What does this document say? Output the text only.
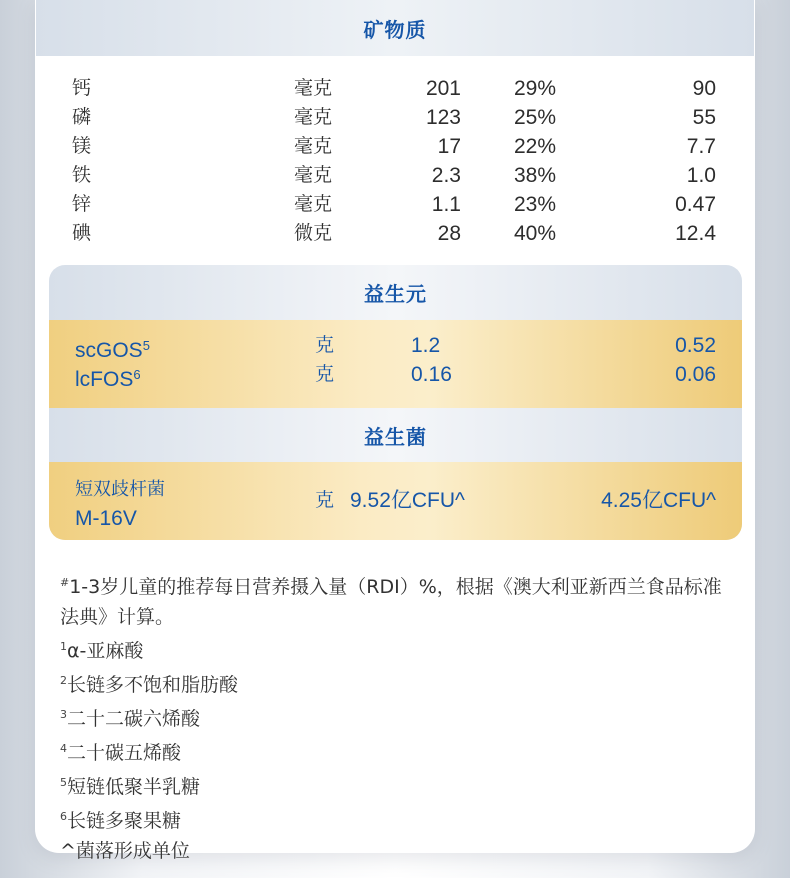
矿物质
钙	毫克	201	29%	90
磷	毫克	123	25%	55
镁	毫克	17	22%	7.7
铁	毫克	2.3	38%	1.0
锌	毫克	1.1	23%	0.47
碘	微克	28	40%	12.4
益生元
scGOS$^5$	克	1.2	0.52
lcFOS$^6$	克	0.16	0.06
益生菌
短双歧杆菌
M-16V
克 9.52亿CFU^	4.25亿CFU^
#1-3岁儿童的推荐每日营养摄入量（RDI）%，根据《澳大利亚新西兰食品标准
法典》计算。
$^1$α-亚麻酸
$^2$长链多不饱和脂肪酸
$^3$二十二碳六烯酸
$^4$二十碳五烯酸
$^5$短链低聚半乳糖
$^6$长链多聚果糖
^菌落形成单位
